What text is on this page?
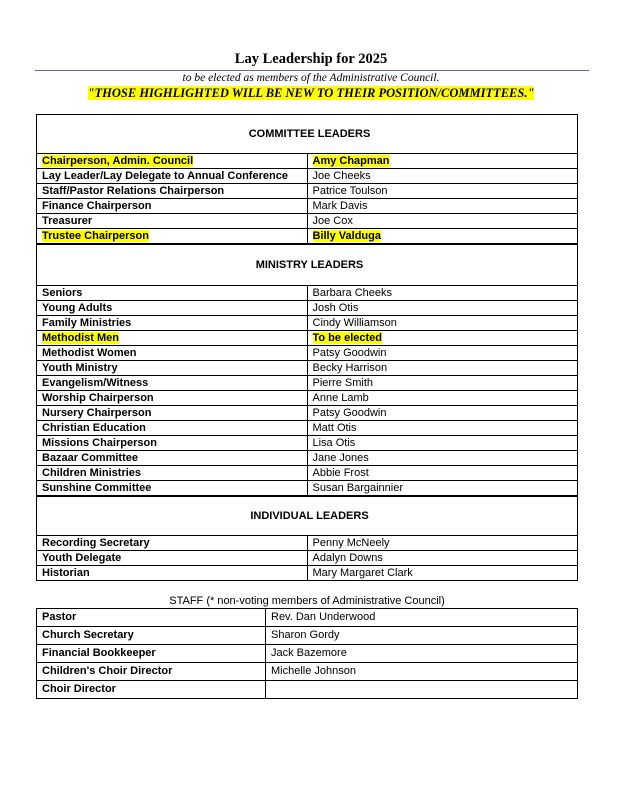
Lay Leadership for 2025
to be elected as members of the Administrative Council.
"THOSE HIGHLIGHTED WILL BE NEW TO THEIR POSITION/COMMITTEES."
COMMITTEE LEADERS	
Chairperson, Admin. Council	Amy Chapman
Lay Leader/Lay Delegate to Annual Conference	Joe Cheeks
Staff/Pastor Relations Chairperson	Patrice Toulson
Finance Chairperson	Mark Davis
Treasurer	Joe Cox
Trustee Chairperson	Billy Valduga
MINISTRY LEADERS	
Seniors	Barbara Cheeks
Young Adults	Josh Otis
Family Ministries	Cindy Williamson
Methodist Men	To be elected
Methodist Women	Patsy Goodwin
Youth Ministry	Becky Harrison
Evangelism/Witness	Pierre Smith
Worship Chairperson	Anne Lamb
Nursery Chairperson	Patsy Goodwin
Christian Education	Matt Otis
Missions Chairperson	Lisa Otis
Bazaar Committee	Jane Jones
Children Ministries	Abbie Frost
Sunshine Committee	Susan Bargainnier
INDIVIDUAL LEADERS	
Recording Secretary	Penny McNeely
Youth Delegate	Adalyn Downs
Historian	Mary Margaret Clark
STAFF (* non-voting members of Administrative Council)
Pastor	Rev. Dan Underwood
Church Secretary	Sharon Gordy
Financial Bookkeeper	Jack Bazemore
Children's Choir Director	Michelle Johnson
Choir Director	
